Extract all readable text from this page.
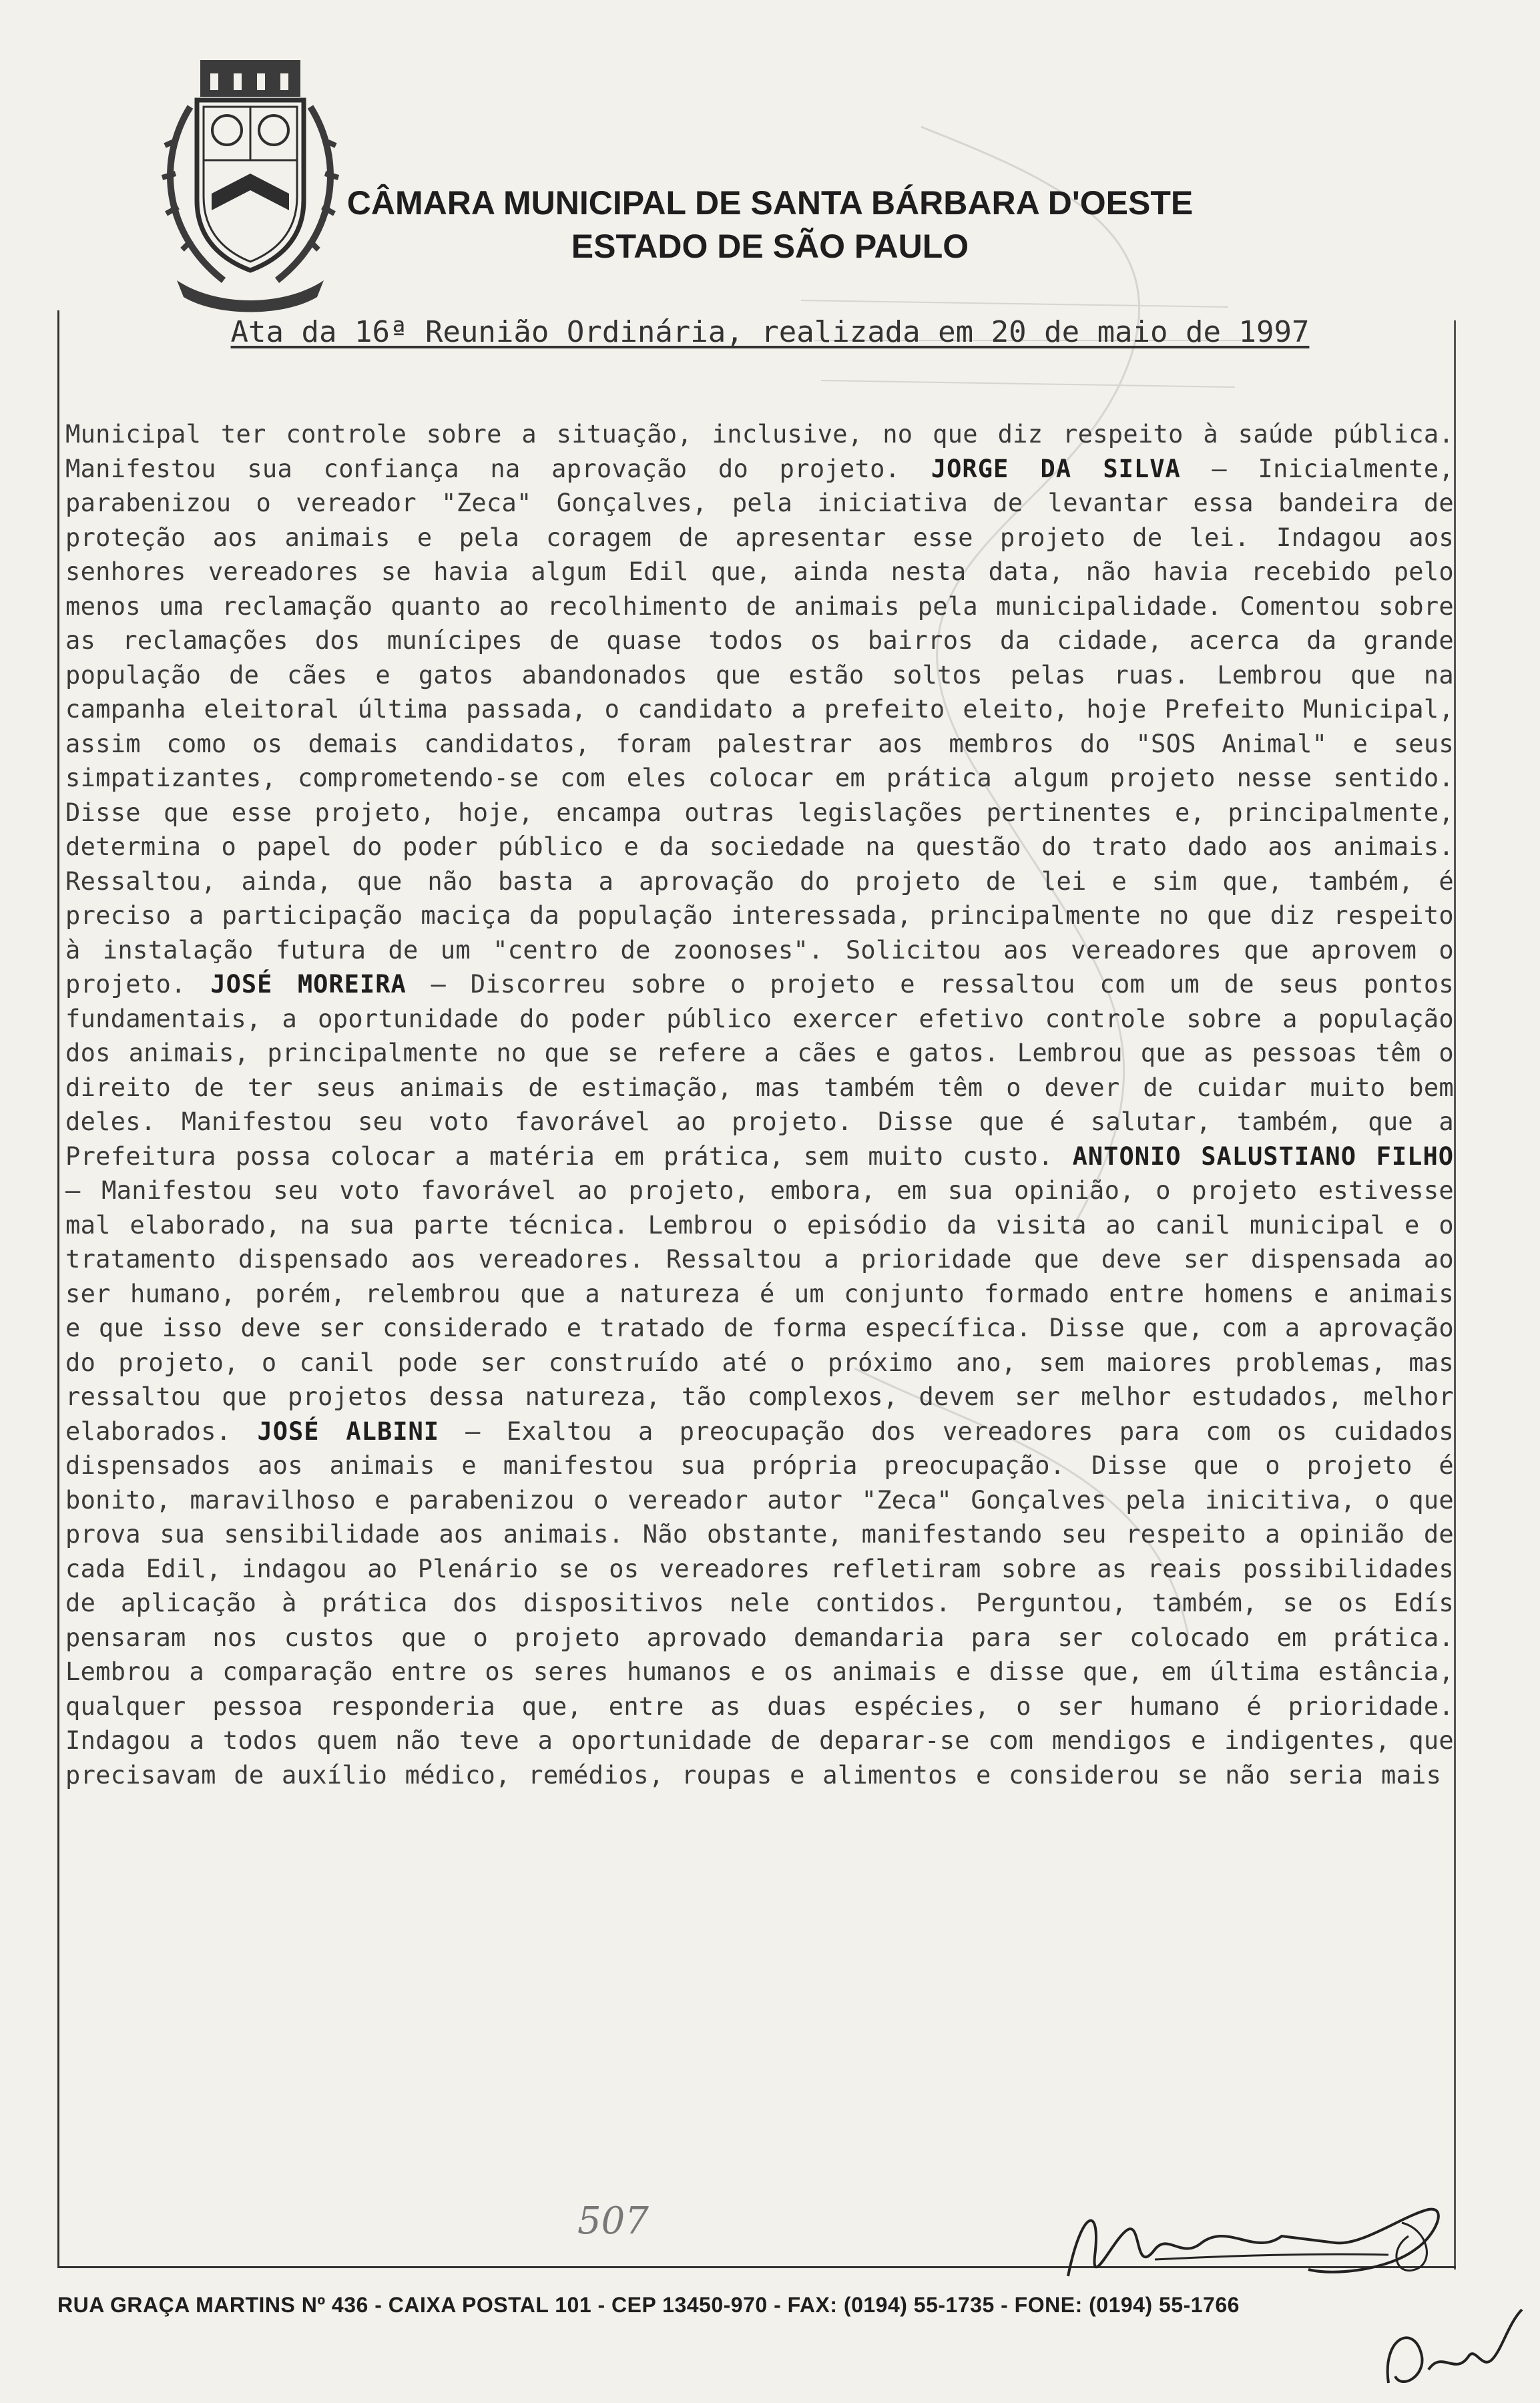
CÂMARA MUNICIPAL DE SANTA BÁRBARA D'OESTE
ESTADO DE SÃO PAULO
Ata da 16ª Reunião Ordinária, realizada em 20 de maio de 1997
Municipal ter controle sobre a situação, inclusive, no que diz respeito à saúde pública. Manifestou sua confiança na aprovação do projeto. JORGE DA SILVA – Inicialmente, parabenizou o vereador "Zeca" Gonçalves, pela iniciativa de levantar essa bandeira de proteção aos animais e pela coragem de apresentar esse projeto de lei. Indagou aos senhores vereadores se havia algum Edil que, ainda nesta data, não havia recebido pelo menos uma reclamação quanto ao recolhimento de animais pela municipalidade. Comentou sobre as reclamações dos munícipes de quase todos os bairros da cidade, acerca da grande população de cães e gatos abandonados que estão soltos pelas ruas. Lembrou que na campanha eleitoral última passada, o candidato a prefeito eleito, hoje Prefeito Municipal, assim como os demais candidatos, foram palestrar aos membros do "SOS Animal" e seus simpatizantes, comprometendo-se com eles colocar em prática algum projeto nesse sentido. Disse que esse projeto, hoje, encampa outras legislações pertinentes e, principalmente, determina o papel do poder público e da sociedade na questão do trato dado aos animais. Ressaltou, ainda, que não basta a aprovação do projeto de lei e sim que, também, é preciso a participação maciça da população interessada, principalmente no que diz respeito à instalação futura de um "centro de zoonoses". Solicitou aos vereadores que aprovem o projeto. JOSÉ MOREIRA – Discorreu sobre o projeto e ressaltou com um de seus pontos fundamentais, a oportunidade do poder público exercer efetivo controle sobre a população dos animais, principalmente no que se refere a cães e gatos. Lembrou que as pessoas têm o direito de ter seus animais de estimação, mas também têm o dever de cuidar muito bem deles. Manifestou seu voto favorável ao projeto. Disse que é salutar, também, que a Prefeitura possa colocar a matéria em prática, sem muito custo. ANTONIO SALUSTIANO FILHO – Manifestou seu voto favorável ao projeto, embora, em sua opinião, o projeto estivesse mal elaborado, na sua parte técnica. Lembrou o episódio da visita ao canil municipal e o tratamento dispensado aos vereadores. Ressaltou a prioridade que deve ser dispensada ao ser humano, porém, relembrou que a natureza é um conjunto formado entre homens e animais e que isso deve ser considerado e tratado de forma específica. Disse que, com a aprovação do projeto, o canil pode ser construído até o próximo ano, sem maiores problemas, mas ressaltou que projetos dessa natureza, tão complexos, devem ser melhor estudados, melhor elaborados. JOSÉ ALBINI – Exaltou a preocupação dos vereadores para com os cuidados dispensados aos animais e manifestou sua própria preocupação. Disse que o projeto é bonito, maravilhoso e parabenizou o vereador autor "Zeca" Gonçalves pela inicitiva, o que prova sua sensibilidade aos animais. Não obstante, manifestando seu respeito a opinião de cada Edil, indagou ao Plenário se os vereadores refletiram sobre as reais possibilidades de aplicação à prática dos dispositivos nele contidos. Perguntou, também, se os Edís pensaram nos custos que o projeto aprovado demandaria para ser colocado em prática. Lembrou a comparação entre os seres humanos e os animais e disse que, em última estância, qualquer pessoa responderia que, entre as duas espécies, o ser humano é prioridade. Indagou a todos quem não teve a oportunidade de deparar-se com mendigos e indigentes, que precisavam de auxílio médico, remédios, roupas e alimentos e considerou se não seria mais
507
RUA GRAÇA MARTINS Nº 436 - CAIXA POSTAL 101 - CEP 13450-970 - FAX: (0194) 55-1735 - FONE: (0194) 55-1766
